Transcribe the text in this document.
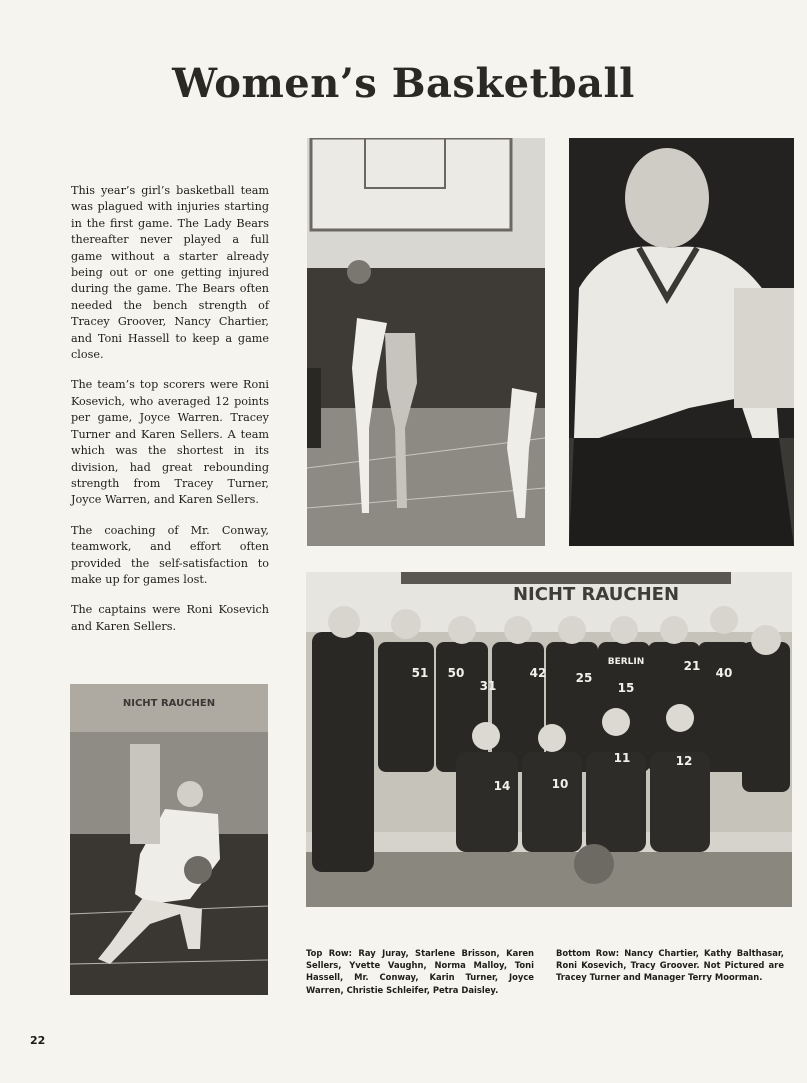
Women’s Basketball

This year’s girl’s basketball team was plagued with injuries starting in the first game. The Lady Bears thereafter never played a full game without a starter already being out or one getting injured during the game. The Bears often needed the bench strength of Tracey Groover, Nancy Chartier, and Toni Hassell to keep a game close.

The team’s top scorers were Roni Kosevich, who averaged 12 points per game, Joyce Warren. Tracey Turner and Karen Sellers. A team which was the shortest in its division, had great rebounding strength from Tracey Turner, Joyce Warren, and Karen Sellers.

The coaching of Mr. Conway, teamwork, and effort often provided the self-satisfaction to make up for games lost.

The captains were Roni Kosevich and Karen Sellers.

NICHT RAUCHEN
NICHT RAUCHEN
51 50
31
42 25
15
21 40
14	10
11	12
BERLIN
Top Row: Ray Juray, Starlene Brisson, Karen Sellers, Yvette Vaughn, Norma Malloy, Toni Hassell, Mr. Conway, Karin Turner, Joyce Warren, Christie Schleifer, Petra Daisley.
Bottom Row: Nancy Chartier, Kathy Balthasar, Roni Kosevich, Tracy Groover. Not Pictured are Tracey Turner and Manager Terry Moorman.
22
